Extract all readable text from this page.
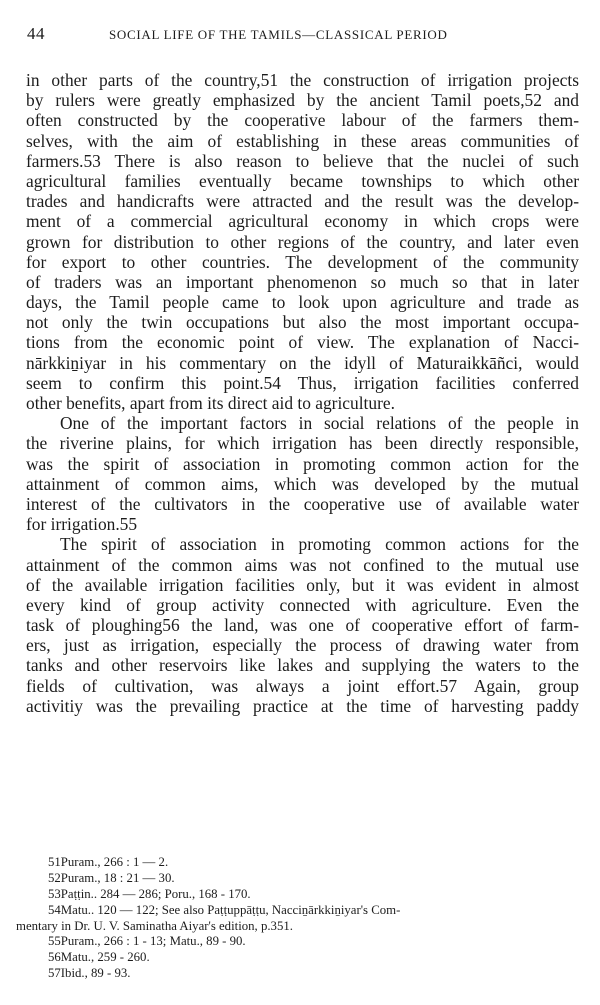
44	SOCIAL LIFE OF THE TAMILS—CLASSICAL PERIOD
in other parts of the country,51 the construction of irrigation projects
by rulers were greatly emphasized by the ancient Tamil poets,52 and
often constructed by the cooperative labour of the farmers them-
selves, with the aim of establishing in these areas communities of
farmers.53 There is also reason to believe that the nuclei of such
agricultural families eventually became townships to which other
trades and handicrafts were attracted and the result was the develop-
ment of a commercial agricultural economy in which crops were
grown for distribution to other regions of the country, and later even
for export to other countries. The development of the community
of traders was an important phenomenon so much so that in later
days, the Tamil people came to look upon agriculture and trade as
not only the twin occupations but also the most important occupa-
tions from the economic point of view. The explanation of Nacci-
nārkkiṉiyar in his commentary on the idyll of Maturaikkāñci, would
seem to confirm this point.54 Thus, irrigation facilities conferred
other benefits, apart from its direct aid to agriculture.
One of the important factors in social relations of the people in
the riverine plains, for which irrigation has been directly responsible,
was the spirit of association in promoting common action for the
attainment of common aims, which was developed by the mutual
interest of the cultivators in the cooperative use of available water
for irrigation.55
The spirit of association in promoting common actions for the
attainment of the common aims was not confined to the mutual use
of the available irrigation facilities only, but it was evident in almost
every kind of group activity connected with agriculture. Even the
task of ploughing56 the land, was one of cooperative effort of farm-
ers, just as irrigation, especially the process of drawing water from
tanks and other reservoirs like lakes and supplying the waters to the
fields of cultivation, was always a joint effort.57 Again, group
activitiy was the prevailing practice at the time of harvesting paddy
51Puram., 266 : 1 — 2.
52Puram., 18 : 21 — 30.
53Paṭṭin.. 284 — 286; Poru., 168 - 170.
54Matu.. 120 — 122; See also Paṭṭuppāṭṭu, Nacciṉārkkiṉiyar's Com-
mentary in Dr. U. V. Saminatha Aiyar's edition, p.351.
55Puram., 266 : 1 - 13; Matu., 89 - 90.
56Matu., 259 - 260.
57Ibid., 89 - 93.
